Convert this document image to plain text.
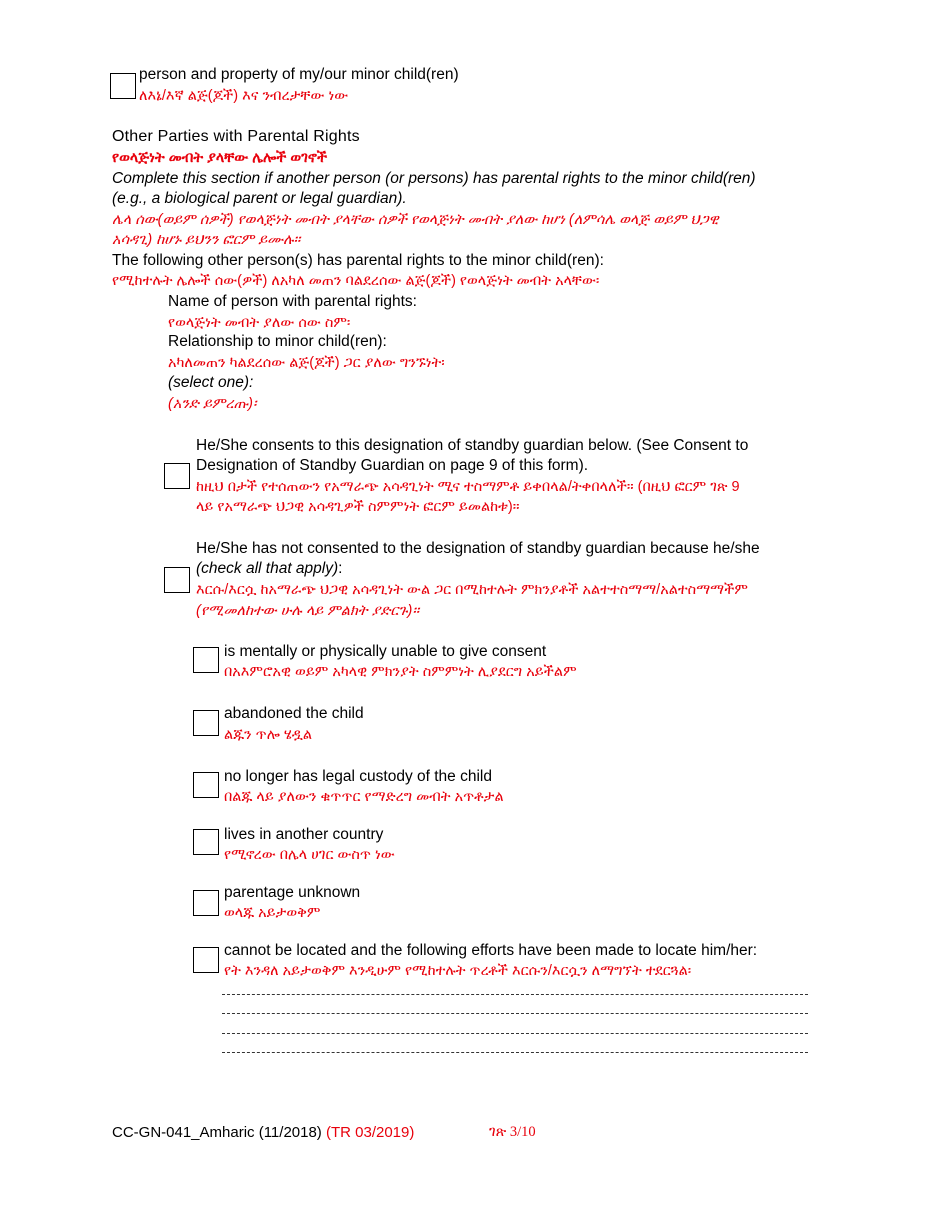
person and property of my/our minor child(ren)
ለእኔ/እኛ ልጅ(ጆች) እና ንብረታቸው ነው
Other Parties with Parental Rights
የወላጅነት መብት ያላቸው ሌሎች ወገኖች
Complete this section if another person (or persons) has parental rights to the minor child(ren)
(e.g., a biological parent or legal guardian).
ሌላ ሰው(ወይም ሰዎች) የወላጅነት መብት ያላቸው ሰዎች የወላጅነት መብት ያለው ከሆነ (ለምሳሌ ወላጅ ወይም ህጋዊ
አሳዳጊ) ከሆኑ ይህንን ፎርም ይሙሉ።
The following other person(s) has parental rights to the minor child(ren):
የሚከተሉት ሌሎች ሰው(ዎች) ለአካለ መጠን ባልደረሰው ልጅ(ጆች) የወላጅነት መብት አላቸው፡
Name of person with parental rights:
የወላጅነት መብት ያለው ሰው ስም፡
Relationship to minor child(ren):
አካለመጠን ካልደረሰው ልጅ(ጆች) ጋር ያለው ግንኙነት፡
(select one):
(አንድ ይምረጡ)፡
He/She consents to this designation of standby guardian below. (See Consent to
Designation of Standby Guardian on page 9 of this form).
ከዚህ በታች የተሰጠውን የአማራጭ አሳዳጊነት ሚና ተስማምቶ ይቀበላል/ትቀበላለች። (በዚህ ፎርም ገጽ 9
ላይ የአማራጭ ህጋዊ አሳዳጊዎች ስምምነት ፎርም ይመልከቱ)።
He/She has not consented to the designation of standby guardian because he/she
(check all that apply):
እርሱ/እርሷ ከአማራጭ ህጋዊ አሳዳጊነት ውል ጋር በሚከተሉት ምክንያቶች አልተተስማማ/አልተስማማችም
(የሚመለከተው ሁሉ ላይ ምልክት ያድርጉ)።
is mentally or physically unable to give consent
በአእምሮአዊ ወይም አካላዊ ምክንያት ስምምነት ሊያደርግ አይችልም
abandoned the child
ልጁን ጥሎ ሄዷል
no longer has legal custody of the child
በልጁ ላይ ያለውን ቁጥጥር የማድረግ መብት አጥቶታል
lives in another country
የሚኖረው በሌላ ሀገር ውስጥ ነው
parentage unknown
ወላጁ አይታወቅም
cannot be located and the following efforts have been made to locate him/her:
የት እንዳለ አይታወቅም እንዲሁም የሚከተሉት ጥረቶች እርሱን/እርሷን ለማግኘት ተደርጓል፡
CC-GN-041_Amharic (11/2018) (TR 03/2019)	ገጽ 3/10
